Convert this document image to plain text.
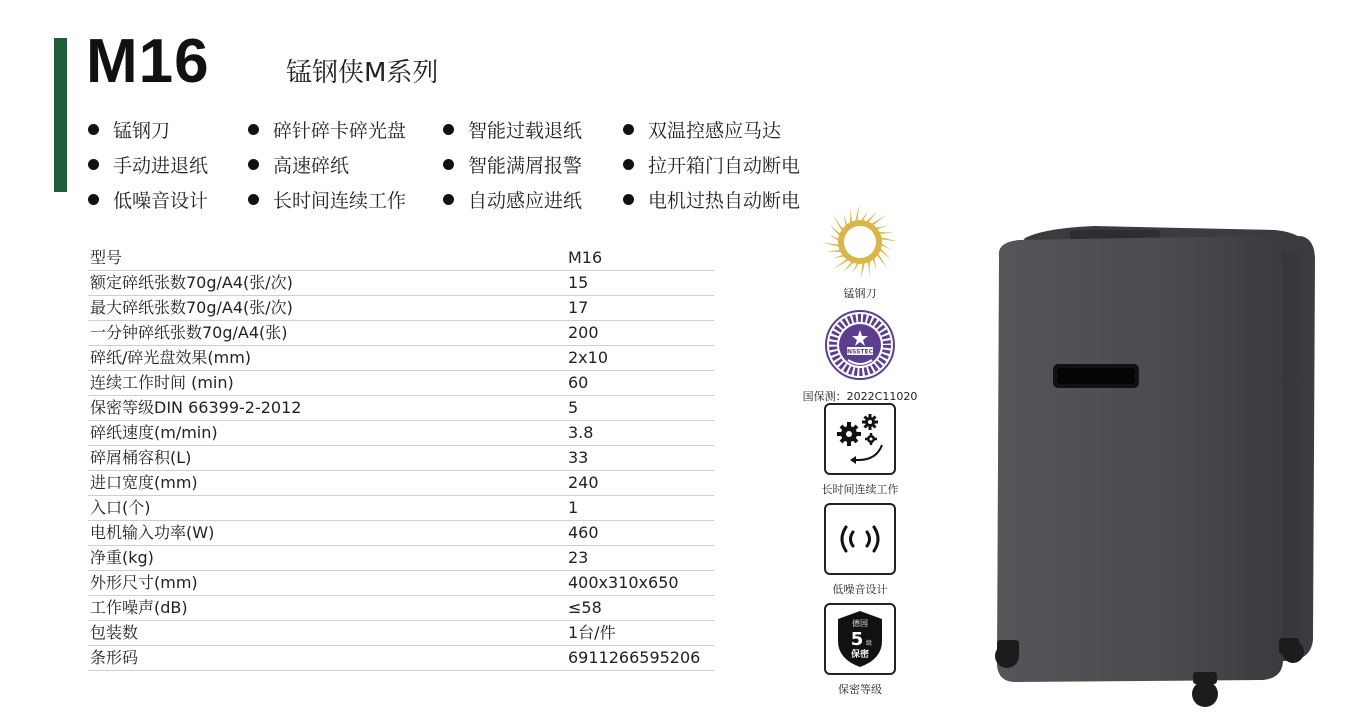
M16	锰钢侠M系列
锰钢刀
手动进退纸
低噪音设计
碎针碎卡碎光盘
高速碎纸
长时间连续工作
智能过载退纸
智能满屑报警
自动感应进纸
双温控感应马达
拉开箱门自动断电
电机过热自动断电
型号	M16
额定碎纸张数70g/A4(张/次)	15
最大碎纸张数70g/A4(张/次)	17
一分钟碎纸张数70g/A4(张)	200
碎纸/碎光盘效果(mm)	2x10
连续工作时间 (min)	60
保密等级DIN 66399-2-2012	5
碎纸速度(m/min)	3.8
碎屑桶容积(L)	33
进口宽度(mm)	240
入口(个)	1
电机输入功率(W)	460
净重(kg)	23
外形尺寸(mm)	400x310x650
工作噪声(dB)	≤58
包装数	1台/件
条形码	6911266595206
锰钢刀
NSSTEC
国保测：2022C11020
长时间连续工作
低噪音设计
德国
5 级
保密
保密等级
